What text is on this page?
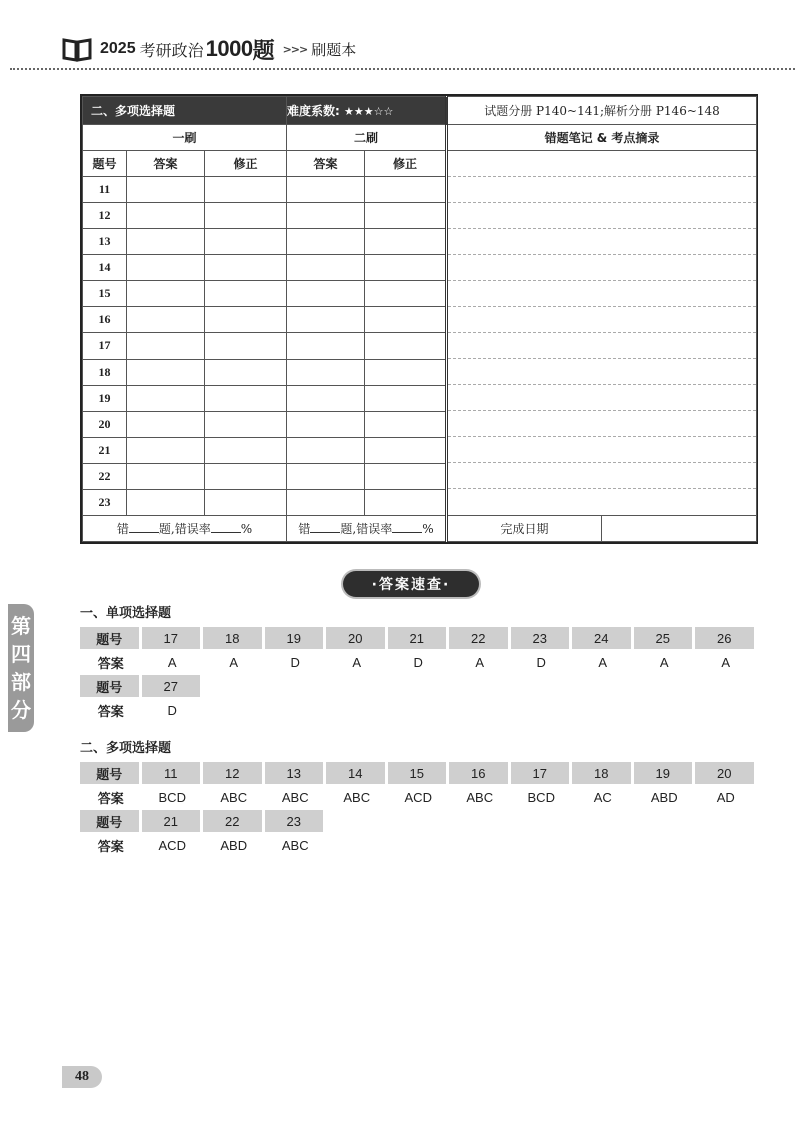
2025 考研政治 1000 题 >>> 刷题本
二、多项选择题			难度系数: ★★★☆☆		试题分册 P140~141;解析分册 P146~148	
一刷			二刷		错题笔记 & 考点摘录	
题号	答案	修正	答案	修正		

11						
12						
13						
14						
15						
16						
17						
18						
19						
20						
21						
22						
23						
错 题,错误率 %			错 题,错误率 %		完成日期	
第
四
部
分
·答案速查·
一、单项选择题
题号	17	18	19	20	21	22	23	24	25	26
答案	A	A	D	A	D	A	D	A	A	A
题号	27
答案	D
二、多项选择题
题号	11	12	13	14	15	16	17	18	19	20
答案	BCD	ABC	ABC	ABC	ACD	ABC	BCD	AC	ABD	AD
题号	21	22	23
答案	ACD	ABD	ABC
48
